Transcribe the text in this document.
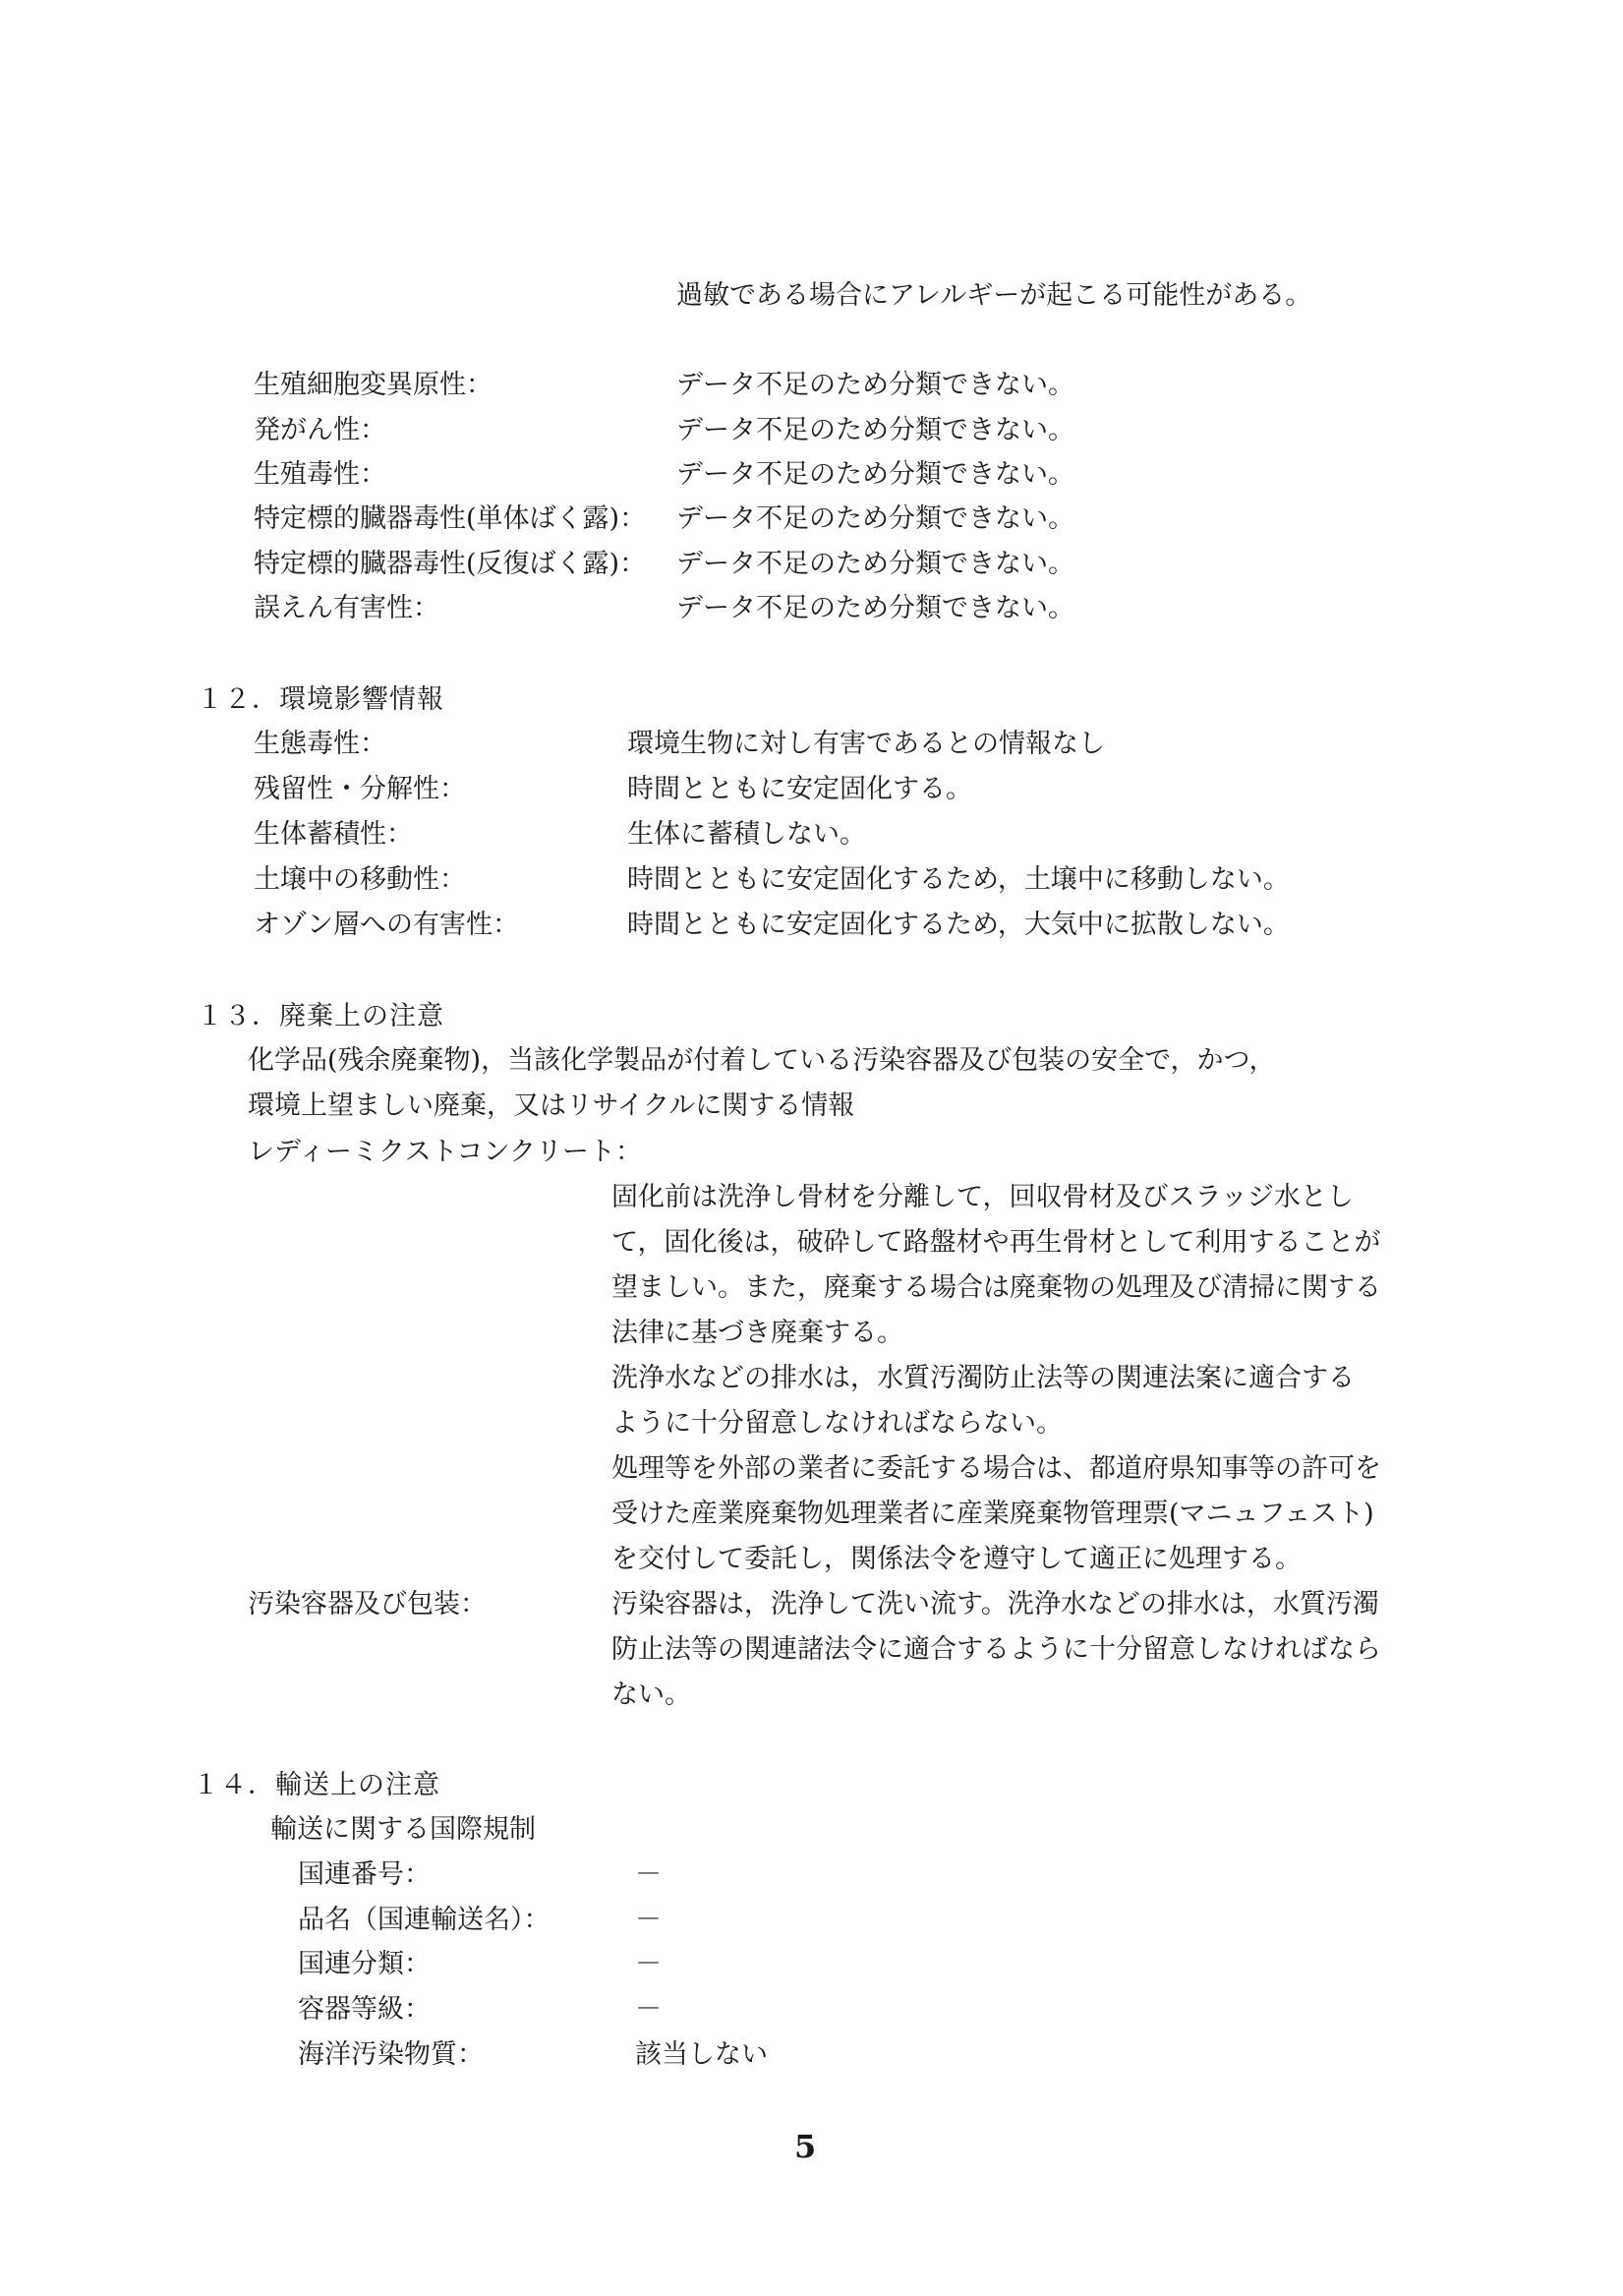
過敏である場合にアレルギーが起こる可能性がある。
生殖細胞変異原性：	データ不足のため分類できない。
発がん性：	データ不足のため分類できない。
生殖毒性：	データ不足のため分類できない。
特定標的臓器毒性(単体ばく露)： データ不足のため分類できない。
特定標的臓器毒性(反復ばく露)： データ不足のため分類できない。
誤えん有害性：	データ不足のため分類できない。
１２．環境影響情報
生態毒性：	環境生物に対し有害であるとの情報なし
残留性・分解性：	時間とともに安定固化する。
生体蓄積性：	生体に蓄積しない。
土壌中の移動性：	時間とともに安定固化するため，土壌中に移動しない。
オゾン層への有害性：	時間とともに安定固化するため，大気中に拡散しない。
１３．廃棄上の注意
化学品(残余廃棄物)，当該化学製品が付着している汚染容器及び包装の安全で，かつ，
環境上望ましい廃棄，又はリサイクルに関する情報
レディーミクストコンクリート：
固化前は洗浄し骨材を分離して，回収骨材及びスラッジ水とし
て，固化後は，破砕して路盤材や再生骨材として利用することが
望ましい。また，廃棄する場合は廃棄物の処理及び清掃に関する
法律に基づき廃棄する。
洗浄水などの排水は，水質汚濁防止法等の関連法案に適合する
ように十分留意しなければならない。
処理等を外部の業者に委託する場合は、都道府県知事等の許可を
受けた産業廃棄物処理業者に産業廃棄物管理票(マニュフェスト)
を交付して委託し，関係法令を遵守して適正に処理する。
汚染容器及び包装：	汚染容器は，洗浄して洗い流す。洗浄水などの排水は，水質汚濁
防止法等の関連諸法令に適合するように十分留意しなければなら
ない。
１４．輸送上の注意
輸送に関する国際規制
国連番号：	－
品名（国連輸送名）：	－
国連分類：	－
容器等級：	－
海洋汚染物質：	該当しない
5
